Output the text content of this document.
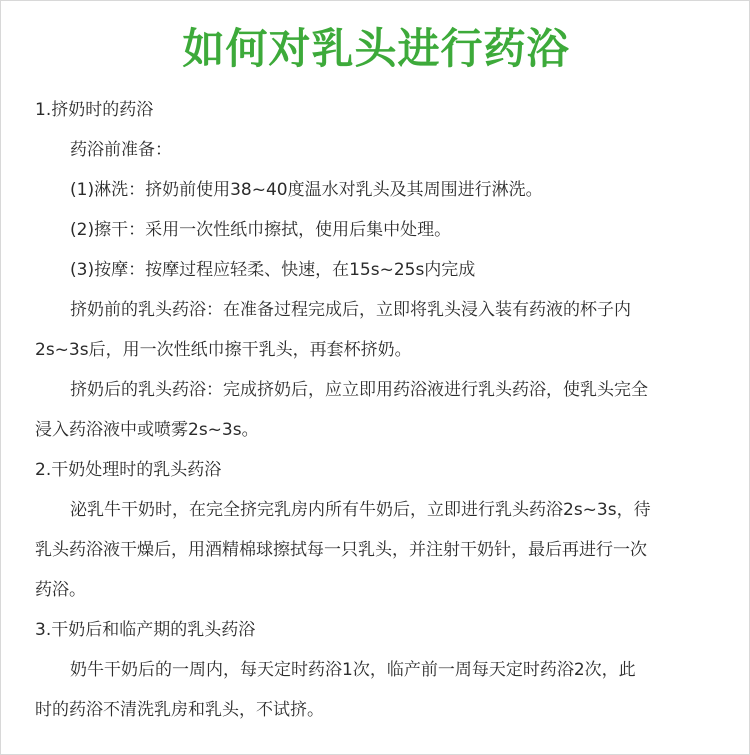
如何对乳头进行药浴

1.挤奶时的药浴

药浴前准备：

(1)淋洗：挤奶前使用38~40度温水对乳头及其周围进行淋洗。

(2)擦干：采用一次性纸巾擦拭，使用后集中处理。

(3)按摩：按摩过程应轻柔、快速，在15s~25s内完成

挤奶前的乳头药浴：在准备过程完成后，立即将乳头浸入装有药液的杯子内

2s~3s后，用一次性纸巾擦干乳头，再套杯挤奶。

挤奶后的乳头药浴：完成挤奶后，应立即用药浴液进行乳头药浴，使乳头完全

浸入药浴液中或喷雾2s~3s。

2.干奶处理时的乳头药浴

泌乳牛干奶时，在完全挤完乳房内所有牛奶后，立即进行乳头药浴2s~3s，待

乳头药浴液干燥后，用酒精棉球擦拭每一只乳头，并注射干奶针，最后再进行一次

药浴。

3.干奶后和临产期的乳头药浴

奶牛干奶后的一周内，每天定时药浴1次，临产前一周每天定时药浴2次，此

时的药浴不清洗乳房和乳头，不试挤。
